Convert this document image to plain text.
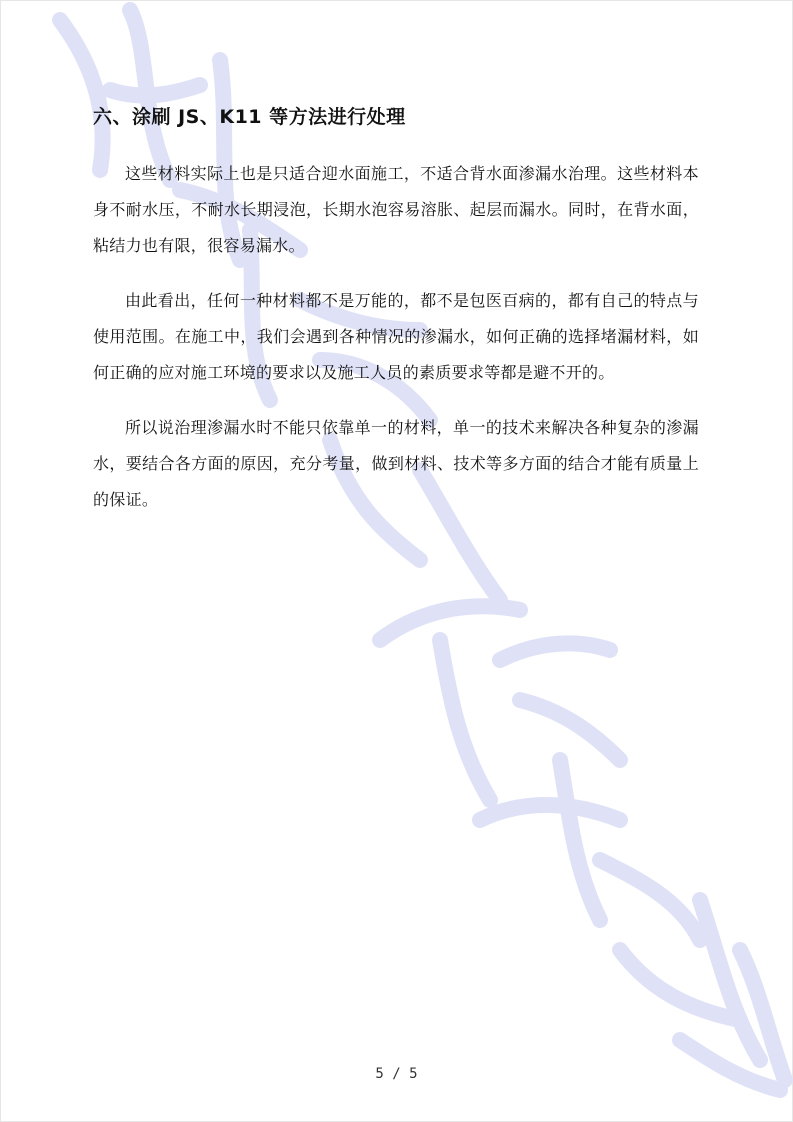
六、涂刷 JS、K11 等方法进行处理

这些材料实际上也是只适合迎水面施工，不适合背水面渗漏水治理。这些材料本身不耐水压，不耐水长期浸泡，长期水泡容易溶胀、起层而漏水。同时，在背水面，粘结力也有限，很容易漏水。

由此看出，任何一种材料都不是万能的，都不是包医百病的，都有自己的特点与使用范围。在施工中，我们会遇到各种情况的渗漏水，如何正确的选择堵漏材料，如何正确的应对施工环境的要求以及施工人员的素质要求等都是避不开的。

所以说治理渗漏水时不能只依靠单一的材料，单一的技术来解决各种复杂的渗漏水，要结合各方面的原因，充分考量，做到材料、技术等多方面的结合才能有质量上的保证。

5 / 5
